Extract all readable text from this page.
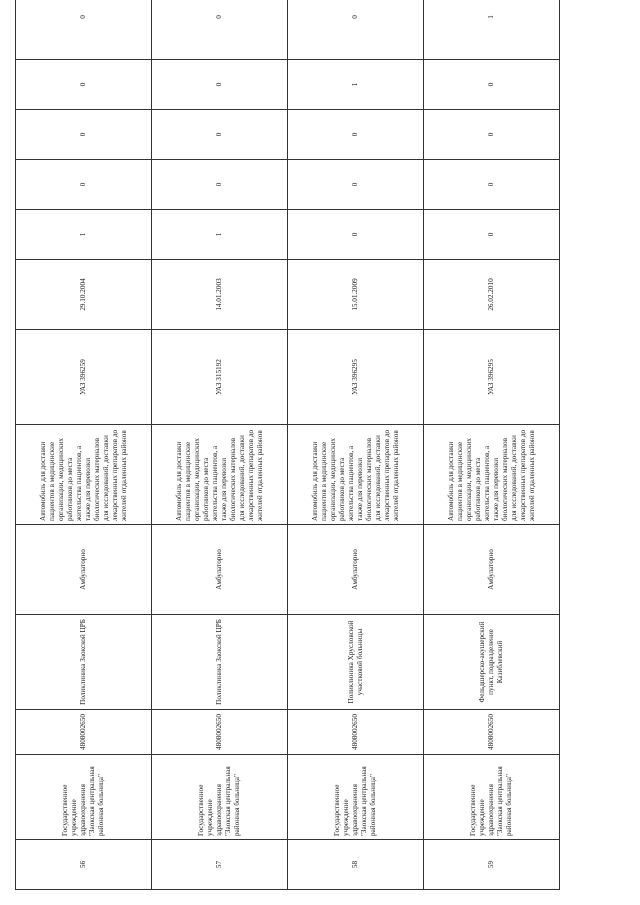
56	Государственное учреждение здравоохранения "Заокская центральная районная больница"	4808002650	Поликлиника Заокской ЦРБ	Амбулаторно	Автомобиль для доставки пациентов в медицинские организации, медицинских работников до места жительства пациентов, а также для перевозки биологических материалов для исследований, доставки лекарственных препаратов до жителей отдаленных районов	УАЗ 396259	29.10.2004	1	0	0	0	0
57	Государственное учреждение здравоохранения "Заокская центральная районная больница"	4808002650	Поликлиника Заокской ЦРБ	Амбулаторно	Автомобиль для доставки пациентов в медицинские организации, медицинских работников до места жительства пациентов, а также для перевозки биологических материалов для исследований, доставки лекарственных препаратов до жителей отдаленных районов	УАЗ 315192	14.01.2003	1	0	0	0	0
58	Государственное учреждение здравоохранения "Заокская центральная районная больница"	4808002650	Поликлиника Хрусловской участковой больницы	Амбулаторно	Автомобиль для доставки пациентов в медицинские организации, медицинских работников до места жительства пациентов, а также для перевозки биологических материалов для исследований, доставки лекарственных препаратов до жителей отдаленных районов	УАЗ 396295	15.01.2009	0	0	0	1	0
59	Государственное учреждение здравоохранения "Заокская центральная районная больница"	4808002650	Фельдшерско-акушерский пункт, подразделение Казиблевский	Амбулаторно	Автомобиль для доставки пациентов в медицинские организации, медицинских работников до места жительства пациентов, а также для перевозки биологических материалов для исследований, доставки лекарственных препаратов до жителей отдаленных районов	УАЗ 396295	26.02.2010	0	0	0	0	1
